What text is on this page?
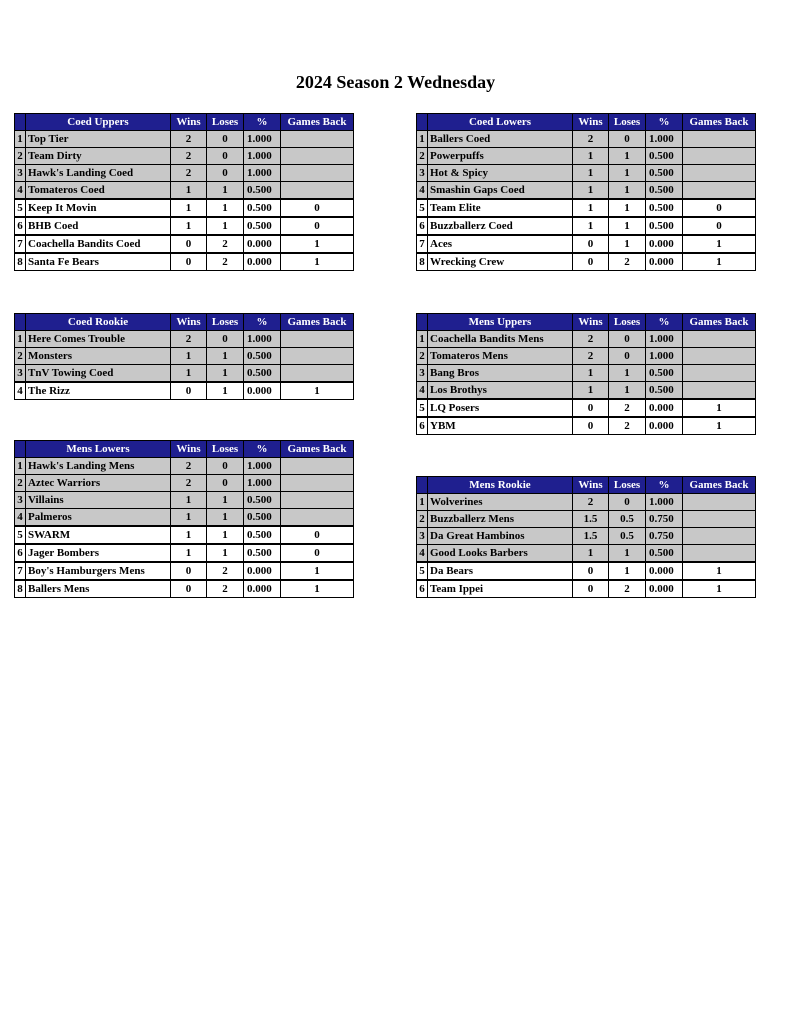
2024 Season 2 Wednesday
	Coed Uppers	Wins	Loses	%	Games Back
1	Top Tier	2	0	1.000	
2	Team Dirty	2	0	1.000	
3	Hawk's Landing Coed	2	0	1.000	
4	Tomateros Coed	1	1	0.500	
5	Keep It Movin	1	1	0.500	0
6	BHB Coed	1	1	0.500	0
7	Coachella Bandits Coed	0	2	0.000	1
8	Santa Fe Bears	0	2	0.000	1
	Coed Lowers	Wins	Loses	%	Games Back
1	Ballers Coed	2	0	1.000	
2	Powerpuffs	1	1	0.500	
3	Hot & Spicy	1	1	0.500	
4	Smashin Gaps Coed	1	1	0.500	
5	Team Elite	1	1	0.500	0
6	Buzzballerz Coed	1	1	0.500	0
7	Aces	0	1	0.000	1
8	Wrecking Crew	0	2	0.000	1
	Coed Rookie	Wins	Loses	%	Games Back
1	Here Comes Trouble	2	0	1.000	
2	Monsters	1	1	0.500	
3	TnV Towing Coed	1	1	0.500	
4	The Rizz	0	1	0.000	1
	Mens Uppers	Wins	Loses	%	Games Back
1	Coachella Bandits Mens	2	0	1.000	
2	Tomateros Mens	2	0	1.000	
3	Bang Bros	1	1	0.500	
4	Los Brothys	1	1	0.500	
5	LQ Posers	0	2	0.000	1
6	YBM	0	2	0.000	1
	Mens Lowers	Wins	Loses	%	Games Back
1	Hawk's Landing Mens	2	0	1.000	
2	Aztec Warriors	2	0	1.000	
3	Villains	1	1	0.500	
4	Palmeros	1	1	0.500	
5	SWARM	1	1	0.500	0
6	Jager Bombers	1	1	0.500	0
7	Boy's Hamburgers Mens	0	2	0.000	1
8	Ballers Mens	0	2	0.000	1
	Mens Rookie	Wins	Loses	%	Games Back
1	Wolverines	2	0	1.000	
2	Buzzballerz Mens	1.5	0.5	0.750	
3	Da Great Hambinos	1.5	0.5	0.750	
4	Good Looks Barbers	1	1	0.500	
5	Da Bears	0	1	0.000	1
6	Team Ippei	0	2	0.000	1
